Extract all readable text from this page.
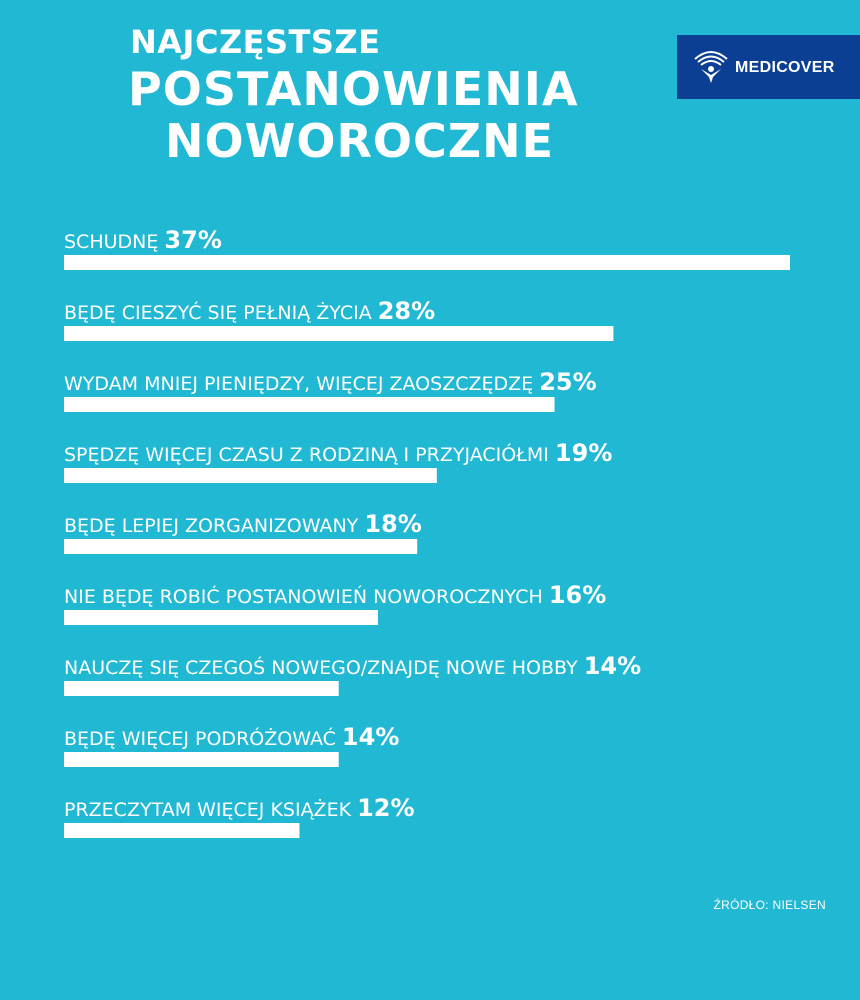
NAJCZĘSTSZE
POSTANOWIENIA
NOWOROCZNE
MEDICOVER
SCHUDNĘ 37%
BĘDĘ CIESZYĆ SIĘ PEŁNIĄ ŻYCIA 28%
WYDAM MNIEJ PIENIĘDZY, WIĘCEJ ZAOSZCZĘDZĘ 25%
SPĘDZĘ WIĘCEJ CZASU Z RODZINĄ I PRZYJACIÓŁMI 19%
BĘDĘ LEPIEJ ZORGANIZOWANY 18%
NIE BĘDĘ ROBIĆ POSTANOWIEŃ NOWOROCZNYCH 16%
NAUCZĘ SIĘ CZEGOŚ NOWEGO/ZNAJDĘ NOWE HOBBY 14%
BĘDĘ WIĘCEJ PODRÓŻOWAĆ 14%
PRZECZYTAM WIĘCEJ KSIĄŻEK 12%
ŹRÓDŁO: NIELSEN
